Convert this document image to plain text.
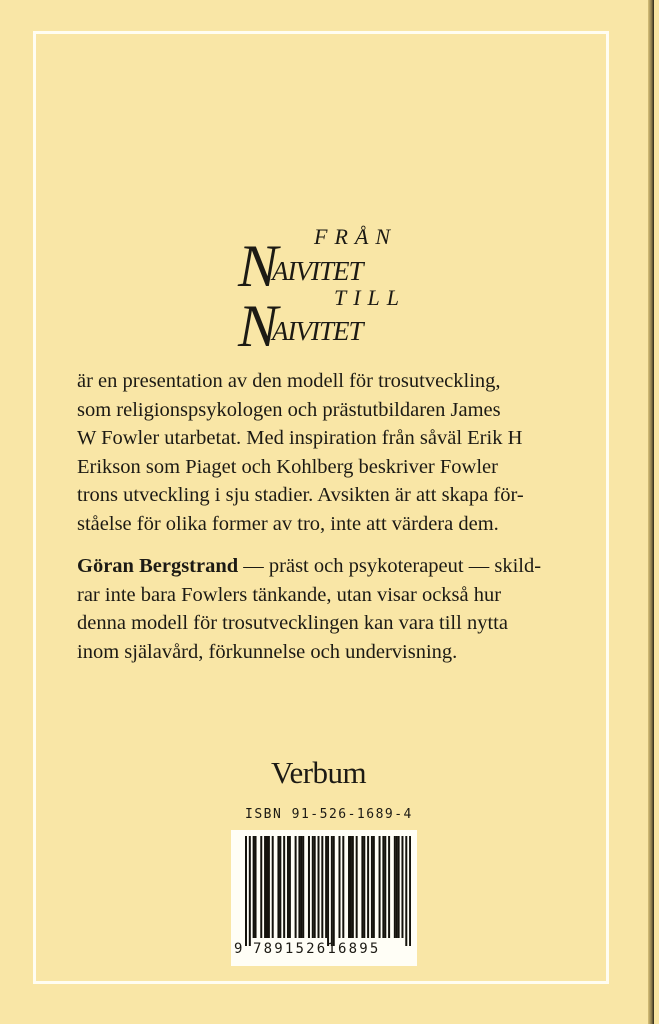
FRÅN
N
AIVITET
TILL
N
AIVITET

är en presentation av den modell för trosutveckling,
som religionspsykologen och prästutbildaren James
W Fowler utarbetat. Med inspiration från såväl Erik H
Erikson som Piaget och Kohlberg beskriver Fowler
trons utveckling i sju stadier. Avsikten är att skapa för-
ståelse för olika former av tro, inte att värdera dem.

Göran Bergstrand — präst och psykoterapeut — skild-
rar inte bara Fowlers tänkande, utan visar också hur
denna modell för trosutvecklingen kan vara till nytta
inom själavård, förkunnelse och undervisning.

Verbum
ISBN 91-526-1689-4
9 789152616895
